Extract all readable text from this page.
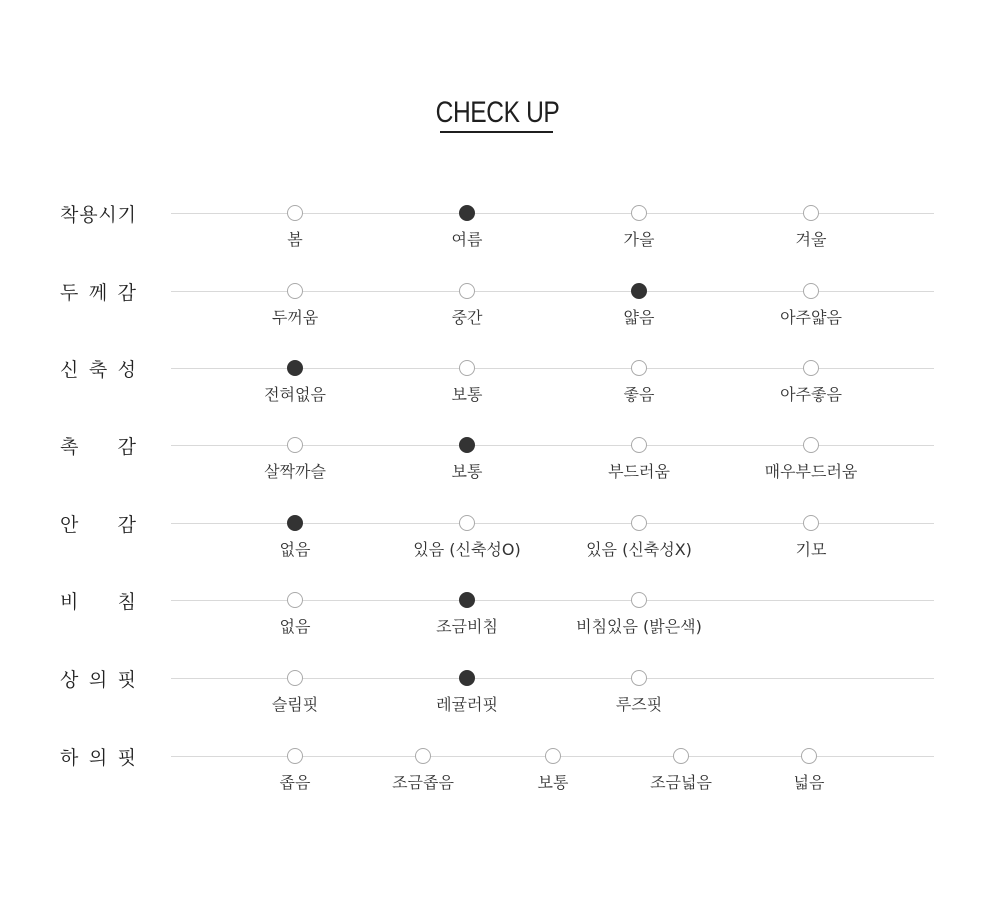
CHECK UP
착 용 시 기
봄	여름	가을	겨울
두 께 감
두꺼움	중간	얇음	아주얇음
신 축 성
전혀없음	보통	좋음	아주좋음
촉 감
살짝까슬	보통	부드러움	매우부드러움
안 감
없음	있음 (신축성O)	있음 (신축성X)	기모
비 침
없음	조금비침	비침있음 (밝은색)
상 의 핏
슬림핏	레귤러핏	루즈핏
하 의 핏
좁음	조금좁음	보통	조금넓음	넓음
